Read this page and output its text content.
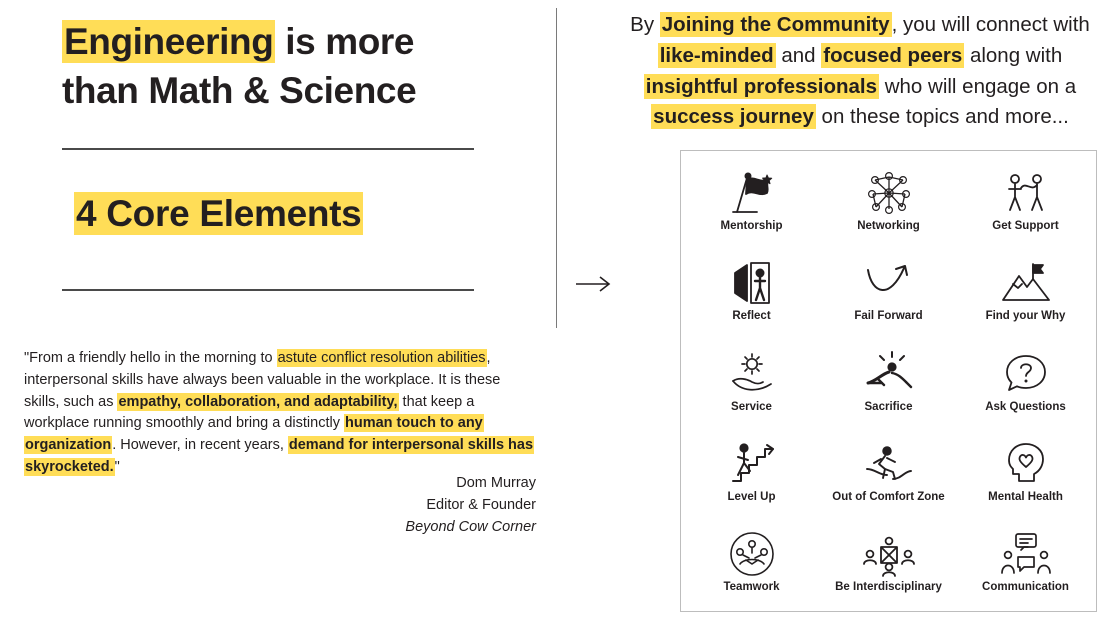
Engineering is more
than Math & Science
4 Core Elements
"From a friendly hello in the morning to astute conflict resolution abilities, interpersonal skills have always been valuable in the workplace. It is these skills, such as empathy, collaboration, and adaptability, that keep a workplace running smoothly and bring a distinctly human touch to any organization. However, in recent years, demand for interpersonal skills has skyrocketed."
Dom Murray
Editor & Founder
Beyond Cow Corner
By Joining the Community, you will connect with like-minded and focused peers along with insightful professionals who will engage on a success journey on these topics and more...
Mentorship	Networking	Get Support
Reflect	Fail Forward	Find your Why
Service	Sacrifice	Ask Questions
Level Up	Out of Comfort Zone	Mental Health
Teamwork	Be Interdisciplinary	Communication
